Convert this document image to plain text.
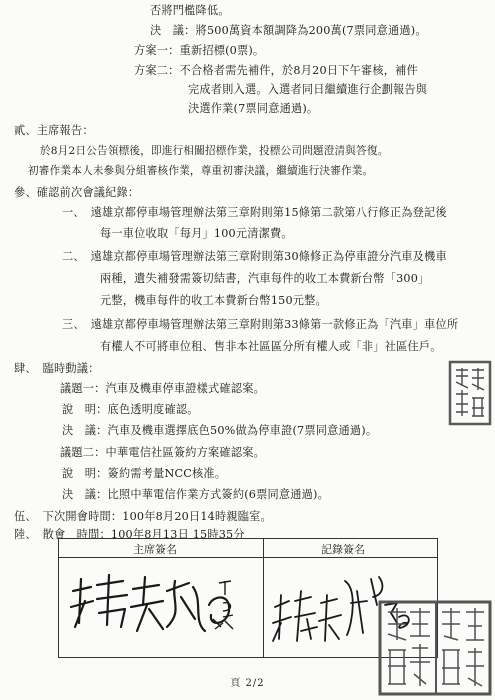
否將門檻降低。
決　議：將500萬資本額調降為200萬(7票同意通過)。
方案一：重新招標(0票)。
方案二：不合格者需先補件，於8月20日下午審核，補件
完成者則入選。入選者同日繼續進行企劃報告與
決選作業(7票同意通過)。
貳、主席報告：
於8月2日公告領標後，即進行相關招標作業，投標公司問題澄清與答復。
初審作業本人未參與分組審核作業，尊重初審決議，繼續進行決審作業。
參、確認前次會議紀錄：
一、　遠雄京都停車場管理辦法第三章附則第15條第二款第八行修正為登記後
每一車位收取「每月」100元清潔費。
二、　遠雄京都停車場管理辦法第三章附則第30條修正為停車證分汽車及機車
兩種，遺失補發需簽切結書，汽車每件的收工本費新台幣「300」
元整，機車每件的收工本費新台幣150元整。
三、　遠雄京都停車場管理辦法第三章附則第33條第一款修正為「汽車」車位所
有權人不可將車位租、售非本社區區分所有權人或「非」社區住戶。
肆、　臨時動議：
議題一：汽車及機車停車證樣式確認案。
說　明：底色透明度確認。
決　議：汽車及機車選擇底色50%做為停車證(7票同意通過)。
議題二：中華電信社區簽約方案確認案。
說　明：簽約需考量NCC核准。
決　議：比照中華電信作業方式簽約(6票同意通過)。
伍、　下次開會時間：100年8月20日14時親臨室。
陸、　散會　時間：100年8月13日 15時35分
主席簽名	記錄簽名
頁 2/2
